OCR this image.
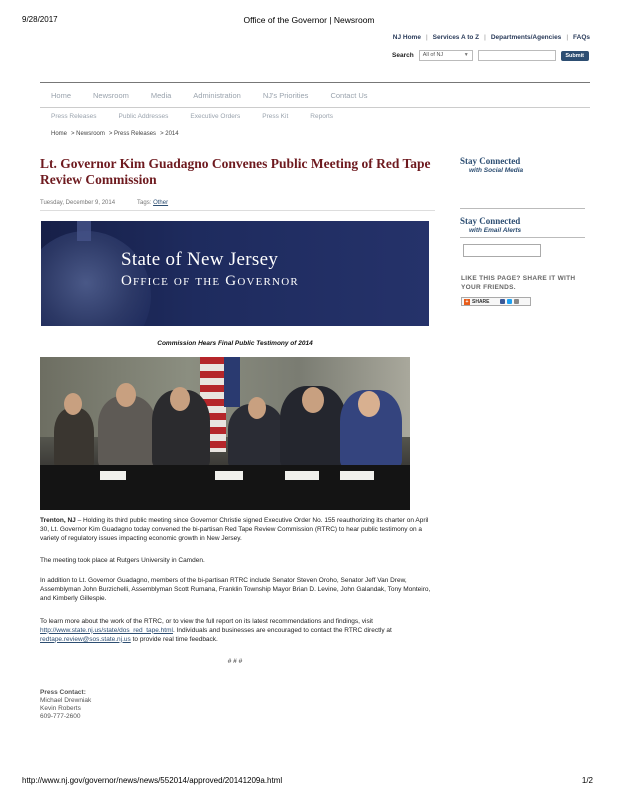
9/28/2017	Office of the Governor | Newsroom
NJ Home | Services A to Z | Departments/Agencies | FAQs
Search	All of NJ	▼	Submit
Home	Newsroom	Media	Administration	NJ's Priorities	Contact Us
Press Releases	Public Addresses	Executive Orders	Press Kit	Reports
Home > Newsroom > Press Releases > 2014
Lt. Governor Kim Guadagno Convenes Public Meeting of Red Tape Review Commission
Tuesday, December 9, 2014	Tags: Other
State of New Jersey
Office of the Governor
Commission Hears Final Public Testimony of 2014

Trenton, NJ – Holding its third public meeting since Governor Christie signed Executive Order No. 155 reauthorizing its charter on April 30, Lt. Governor Kim Guadagno today convened the bi-partisan Red Tape Review Commission (RTRC) to hear public testimony on a variety of regulatory issues impacting economic growth in New Jersey.

The meeting took place at Rutgers University in Camden.

In addition to Lt. Governor Guadagno, members of the bi-partisan RTRC include Senator Steven Oroho, Senator Jeff Van Drew, Assemblyman John Burzichelli, Assemblyman Scott Rumana, Franklin Township Mayor Brian D. Levine, John Galandak, Tony Monteiro, and Kimberly Gillespie.

To learn more about the work of the RTRC, or to view the full report on its latest recommendations and findings, visit http://www.state.nj.us/state/dos_red_tape.html. Individuals and businesses are encouraged to contact the RTRC directly at redtape.review@sos.state.nj.us to provide real time feedback.

# # #
Press Contact:
Michael Drewniak
Kevin Roberts
609-777-2600
Stay Connected
with Social Media
Stay Connected
with Email Alerts
LIKE THIS PAGE? SHARE IT WITH YOUR FRIENDS.
+ SHARE
http://www.nj.gov/governor/news/news/552014/approved/20141209a.html	1/2
